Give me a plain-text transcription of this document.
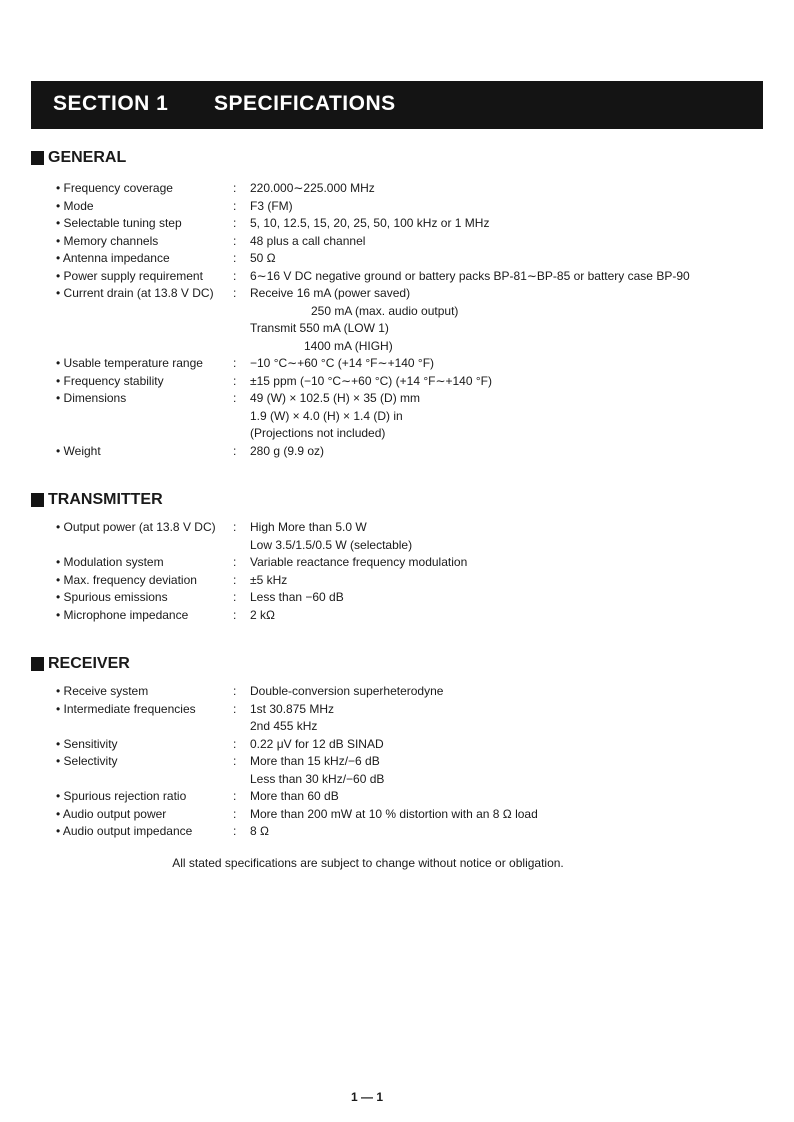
SECTION 1 SPECIFICATIONS
GENERAL
• Frequency coverage	: 220.000∼225.000 MHz
• Mode	: F3 (FM)
• Selectable tuning step	: 5, 10, 12.5, 15, 20, 25, 50, 100 kHz or 1 MHz
• Memory channels	: 48 plus a call channel
• Antenna impedance	: 50 Ω
• Power supply requirement	: 6∼16 V DC negative ground or battery packs BP-81∼BP-85 or battery case BP-90
• Current drain (at 13.8 V DC) : Receive 16 mA (power saved)
250 mA (max. audio output)
Transmit 550 mA (LOW 1)
1400 mA (HIGH)
• Usable temperature range	: −10 °C∼+60 °C (+14 °F∼+140 °F)
• Frequency stability	: ±15 ppm (−10 °C∼+60 °C) (+14 °F∼+140 °F)
• Dimensions	: 49 (W) × 102.5 (H) × 35 (D) mm
1.9 (W) × 4.0 (H) × 1.4 (D) in
(Projections not included)
• Weight	: 280 g (9.9 oz)
TRANSMITTER
• Output power (at 13.8 V DC) : High More than 5.0 W
Low 3.5/1.5/0.5 W (selectable)
• Modulation system	: Variable reactance frequency modulation
• Max. frequency deviation	: ±5 kHz
• Spurious emissions	: Less than −60 dB
• Microphone impedance	: 2 kΩ
RECEIVER
• Receive system	: Double-conversion superheterodyne
• Intermediate frequencies	: 1st 30.875 MHz
2nd 455 kHz
• Sensitivity	: 0.22 μV for 12 dB SINAD
• Selectivity	: More than 15 kHz/−6 dB
Less than 30 kHz/−60 dB
• Spurious rejection ratio	: More than 60 dB
• Audio output power	: More than 200 mW at 10 % distortion with an 8 Ω load
• Audio output impedance	: 8 Ω
All stated specifications are subject to change without notice or obligation.
1 — 1
